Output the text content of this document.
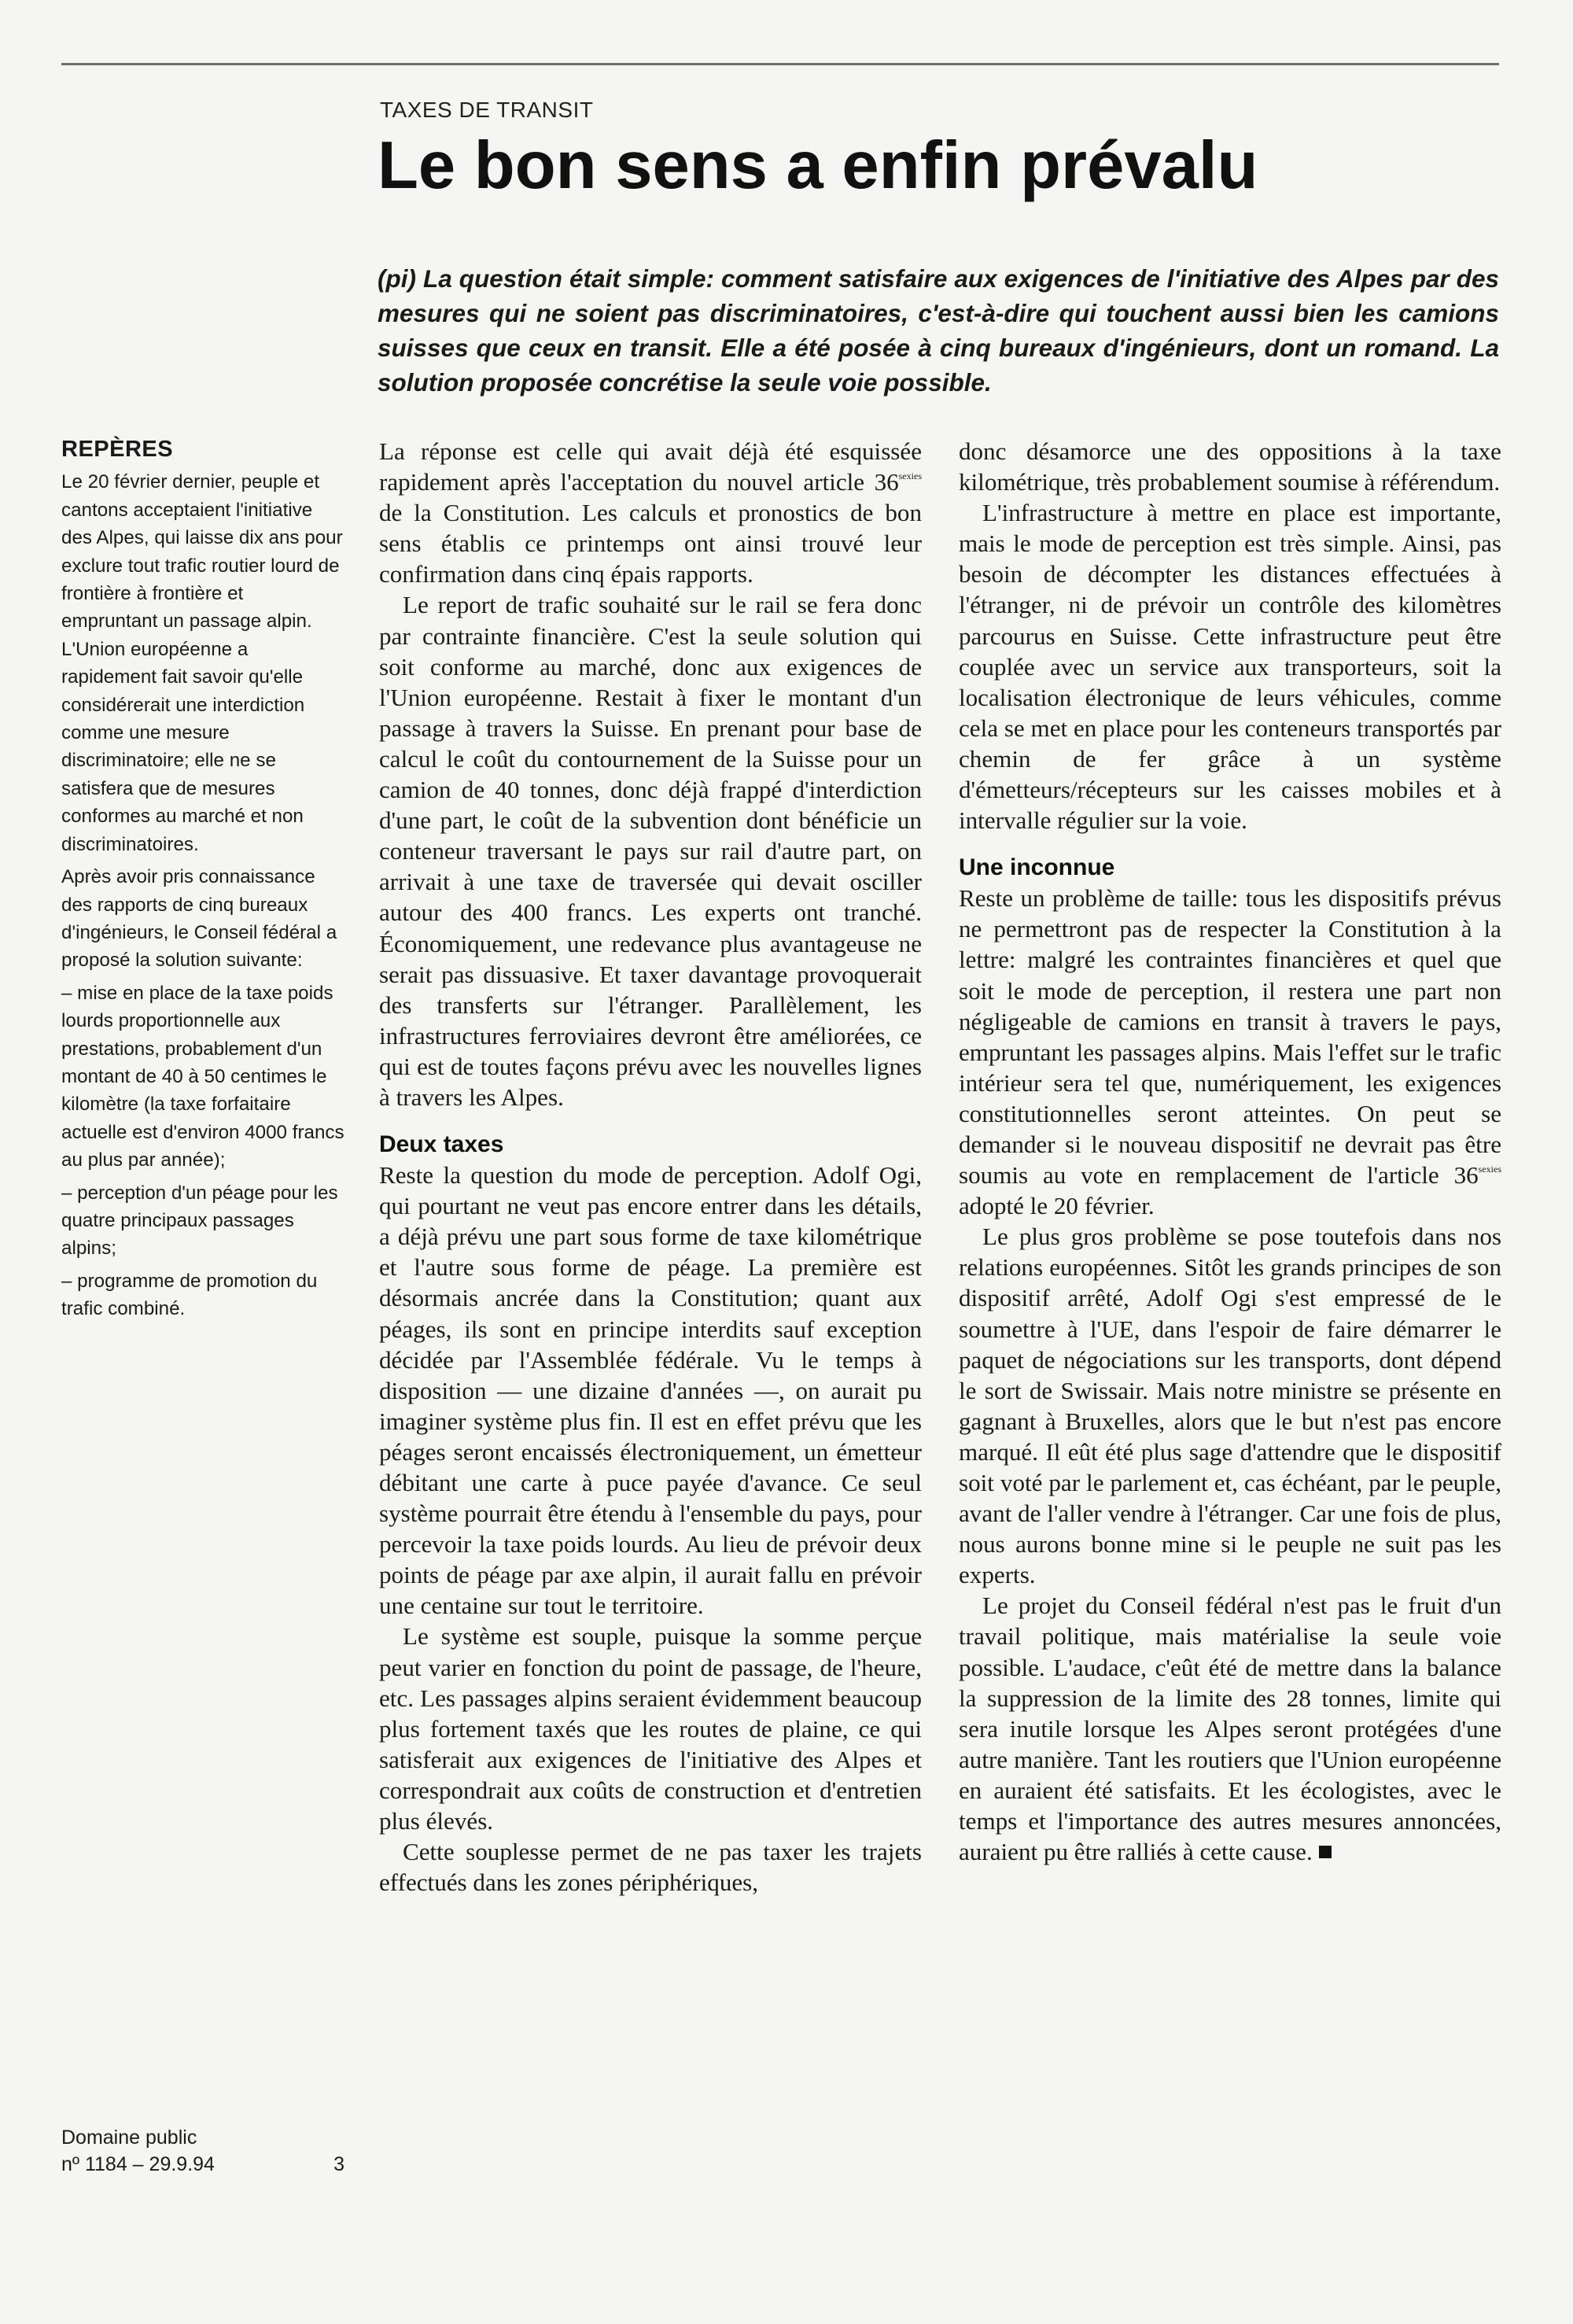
TAXES DE TRANSIT
Le bon sens a enfin prévalu

(pi) La question était simple: comment satisfaire aux exigences de l'initiative des Alpes par des mesures qui ne soient pas discriminatoires, c'est-à-dire qui touchent aussi bien les camions suisses que ceux en transit. Elle a été posée à cinq bureaux d'ingénieurs, dont un romand. La solution proposée concrétise la seule voie possible.

REPÈRES

Le 20 février dernier, peuple et cantons acceptaient l'initiative des Alpes, qui laisse dix ans pour exclure tout trafic routier lourd de frontière à frontière et empruntant un passage alpin. L'Union européenne a rapidement fait savoir qu'elle considérerait une interdiction comme une mesure discriminatoire; elle ne se satisfera que de mesures conformes au marché et non discriminatoires.

Après avoir pris connaissance des rapports de cinq bureaux d'ingénieurs, le Conseil fédéral a proposé la solution suivante:

– mise en place de la taxe poids lourds proportionnelle aux prestations, probablement d'un montant de 40 à 50 centimes le kilomètre (la taxe forfaitaire actuelle est d'environ 4000 francs au plus par année);

– perception d'un péage pour les quatre principaux passages alpins;

– programme de promotion du trafic combiné.

Domaine public
nº 1184 – 29.9.94	3

La réponse est celle qui avait déjà été esquissée rapidement après l'acceptation du nouvel article $36^{sexies}$ de la Constitution. Les calculs et pronostics de bon sens établis ce printemps ont ainsi trouvé leur confirmation dans cinq épais rapports.

Le report de trafic souhaité sur le rail se fera donc par contrainte financière. C'est la seule solution qui soit conforme au marché, donc aux exigences de l'Union européenne. Restait à fixer le montant d'un passage à travers la Suisse. En prenant pour base de calcul le coût du contournement de la Suisse pour un camion de 40 tonnes, donc déjà frappé d'interdiction d'une part, le coût de la subvention dont bénéficie un conteneur traversant le pays sur rail d'autre part, on arrivait à une taxe de traversée qui devait osciller autour des 400 francs. Les experts ont tranché. Économiquement, une redevance plus avantageuse ne serait pas dissuasive. Et taxer davantage provoquerait des transferts sur l'étranger. Parallèlement, les infrastructures ferroviaires devront être améliorées, ce qui est de toutes façons prévu avec les nouvelles lignes à travers les Alpes.

Deux taxes

Reste la question du mode de perception. Adolf Ogi, qui pourtant ne veut pas encore entrer dans les détails, a déjà prévu une part sous forme de taxe kilométrique et l'autre sous forme de péage. La première est désormais ancrée dans la Constitution; quant aux péages, ils sont en principe interdits sauf exception décidée par l'Assemblée fédérale. Vu le temps à disposition — une dizaine d'années —, on aurait pu imaginer système plus fin. Il est en effet prévu que les péages seront encaissés électroniquement, un émetteur débitant une carte à puce payée d'avance. Ce seul système pourrait être étendu à l'ensemble du pays, pour percevoir la taxe poids lourds. Au lieu de prévoir deux points de péage par axe alpin, il aurait fallu en prévoir une centaine sur tout le territoire.

Le système est souple, puisque la somme perçue peut varier en fonction du point de passage, de l'heure, etc. Les passages alpins seraient évidemment beaucoup plus fortement taxés que les routes de plaine, ce qui satisferait aux exigences de l'initiative des Alpes et correspondrait aux coûts de construction et d'entretien plus élevés.

Cette souplesse permet de ne pas taxer les trajets effectués dans les zones périphériques,

donc désamorce une des oppositions à la taxe kilométrique, très probablement soumise à référendum.

L'infrastructure à mettre en place est importante, mais le mode de perception est très simple. Ainsi, pas besoin de décompter les distances effectuées à l'étranger, ni de prévoir un contrôle des kilomètres parcourus en Suisse. Cette infrastructure peut être couplée avec un service aux transporteurs, soit la localisation électronique de leurs véhicules, comme cela se met en place pour les conteneurs transportés par chemin de fer grâce à un système d'émetteurs/récepteurs sur les caisses mobiles et à intervalle régulier sur la voie.

Une inconnue

Reste un problème de taille: tous les dispositifs prévus ne permettront pas de respecter la Constitution à la lettre: malgré les contraintes financières et quel que soit le mode de perception, il restera une part non négligeable de camions en transit à travers le pays, empruntant les passages alpins. Mais l'effet sur le trafic intérieur sera tel que, numériquement, les exigences constitutionnelles seront atteintes. On peut se demander si le nouveau dispositif ne devrait pas être soumis au vote en remplacement de l'article $36^{sexies}$ adopté le 20 février.

Le plus gros problème se pose toutefois dans nos relations européennes. Sitôt les grands principes de son dispositif arrêté, Adolf Ogi s'est empressé de le soumettre à l'UE, dans l'espoir de faire démarrer le paquet de négociations sur les transports, dont dépend le sort de Swissair. Mais notre ministre se présente en gagnant à Bruxelles, alors que le but n'est pas encore marqué. Il eût été plus sage d'attendre que le dispositif soit voté par le parlement et, cas échéant, par le peuple, avant de l'aller vendre à l'étranger. Car une fois de plus, nous aurons bonne mine si le peuple ne suit pas les experts.

Le projet du Conseil fédéral n'est pas le fruit d'un travail politique, mais matérialise la seule voie possible. L'audace, c'eût été de mettre dans la balance la suppression de la limite des 28 tonnes, limite qui sera inutile lorsque les Alpes seront protégées d'une autre manière. Tant les routiers que l'Union européenne en auraient été satisfaits. Et les écologistes, avec le temps et l'importance des autres mesures annoncées, auraient pu être ralliés à cette cause.
